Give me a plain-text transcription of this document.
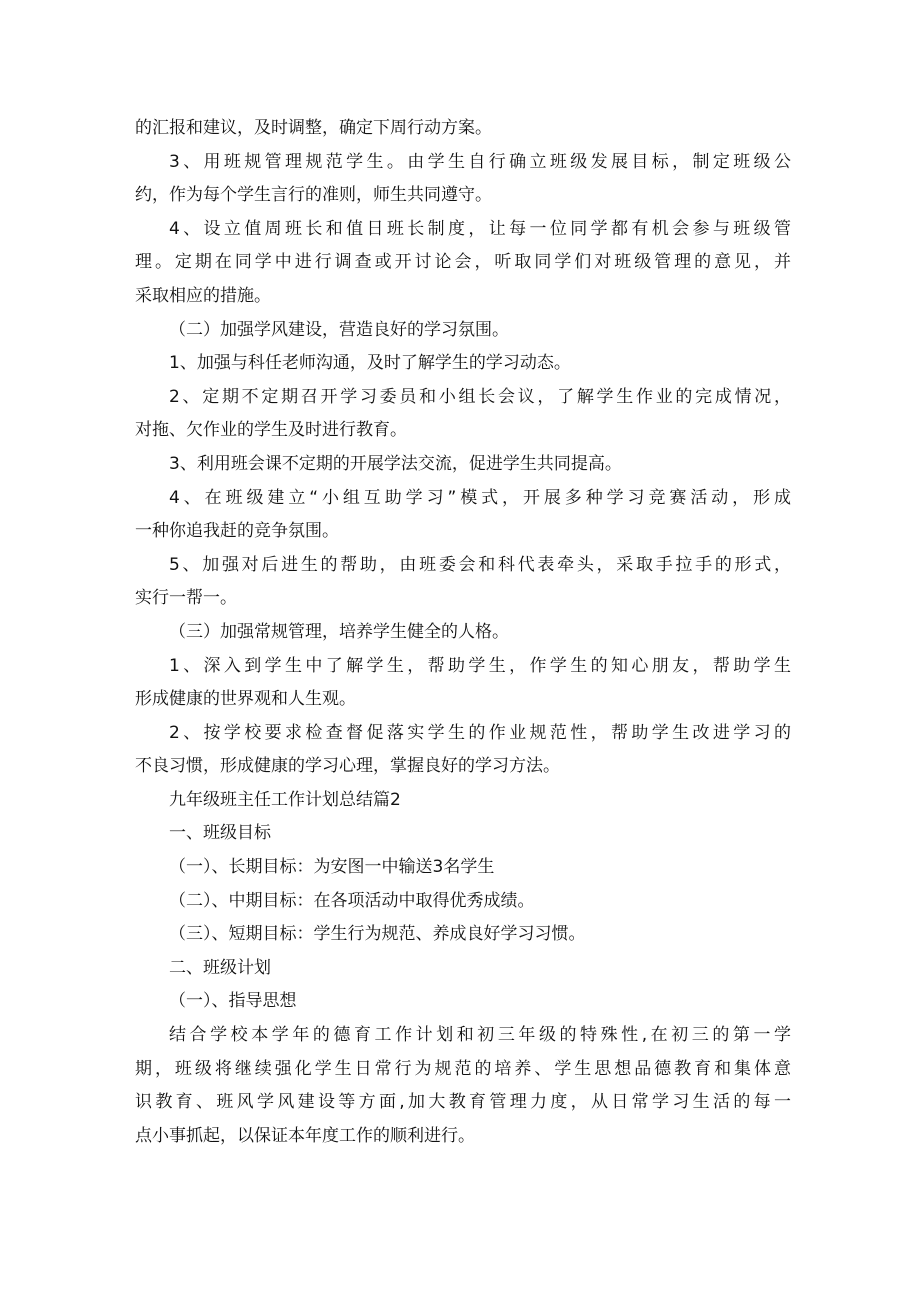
的汇报和建议，及时调整，确定下周行动方案。
3、用班规管理规范学生。由学生自行确立班级发展目标，制定班级公
约，作为每个学生言行的准则，师生共同遵守。
4、设立值周班长和值日班长制度，让每一位同学都有机会参与班级管
理。定期在同学中进行调查或开讨论会，听取同学们对班级管理的意见，并
采取相应的措施。
（二）加强学风建设，营造良好的学习氛围。
1、加强与科任老师沟通，及时了解学生的学习动态。
2、定期不定期召开学习委员和小组长会议，了解学生作业的完成情况，
对拖、欠作业的学生及时进行教育。
3、利用班会课不定期的开展学法交流，促进学生共同提高。
4、在班级建立“小组互助学习”模式，开展多种学习竞赛活动，形成
一种你追我赶的竞争氛围。
5、加强对后进生的帮助，由班委会和科代表牵头，采取手拉手的形式，
实行一帮一。
（三）加强常规管理，培养学生健全的人格。
1、深入到学生中了解学生，帮助学生，作学生的知心朋友，帮助学生
形成健康的世界观和人生观。
2、按学校要求检查督促落实学生的作业规范性，帮助学生改进学习的
不良习惯，形成健康的学习心理，掌握良好的学习方法。
九年级班主任工作计划总结篇2
一、班级目标
（一）、长期目标：为安图一中输送3名学生
（二）、中期目标：在各项活动中取得优秀成绩。
（三）、短期目标：学生行为规范、养成良好学习习惯。
二、班级计划
（一）、指导思想
结合学校本学年的德育工作计划和初三年级的特殊性,在初三的第一学
期，班级将继续强化学生日常行为规范的培养、学生思想品德教育和集体意
识教育、班风学风建设等方面,加大教育管理力度，从日常学习生活的每一
点小事抓起，以保证本年度工作的顺利进行。
